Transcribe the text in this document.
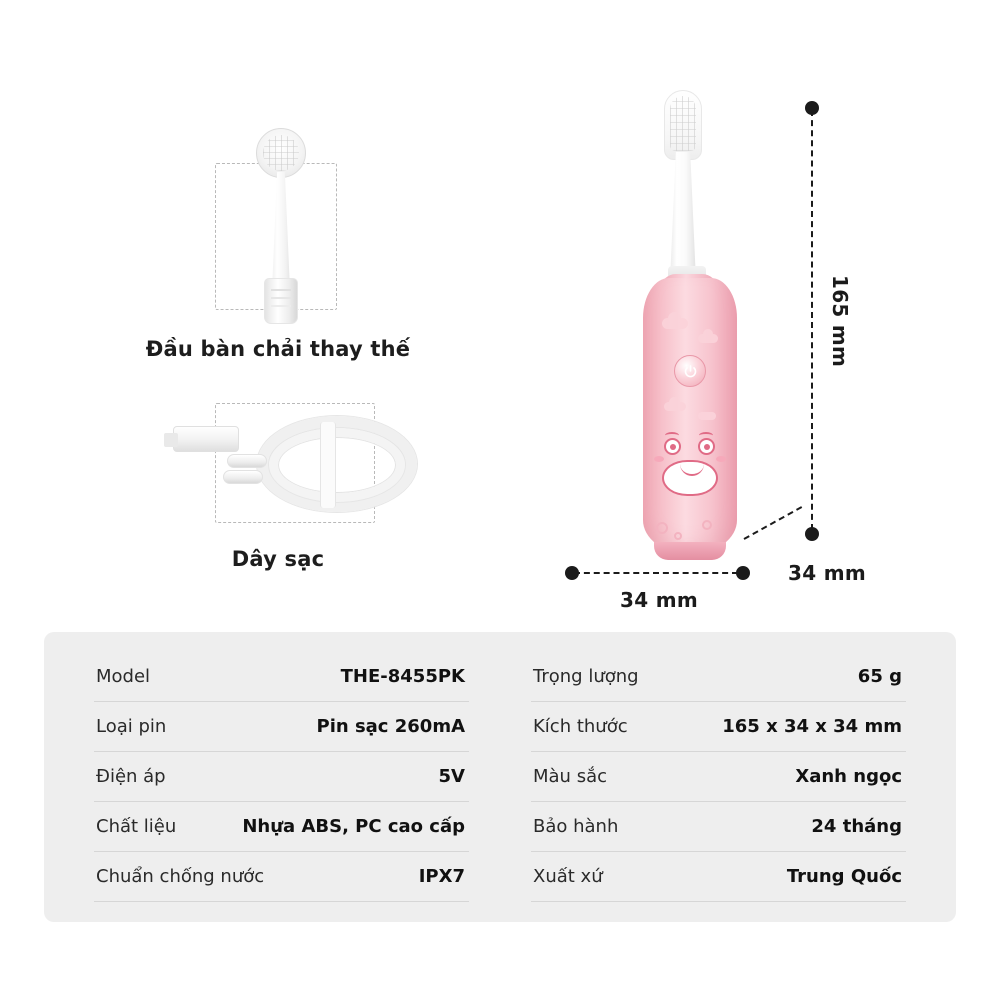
Đầu bàn chải thay thế
Dây sạc
165 mm
34 mm
34 mm
Model	THE-8455PK
Loại pin	Pin sạc 260mA
Điện áp	5V
Chất liệu	Nhựa ABS, PC cao cấp
Chuẩn chống nước	IPX7
Trọng lượng	65 g
Kích thước	165 x 34 x 34 mm
Màu sắc	Xanh ngọc
Bảo hành	24 tháng
Xuất xứ	Trung Quốc
